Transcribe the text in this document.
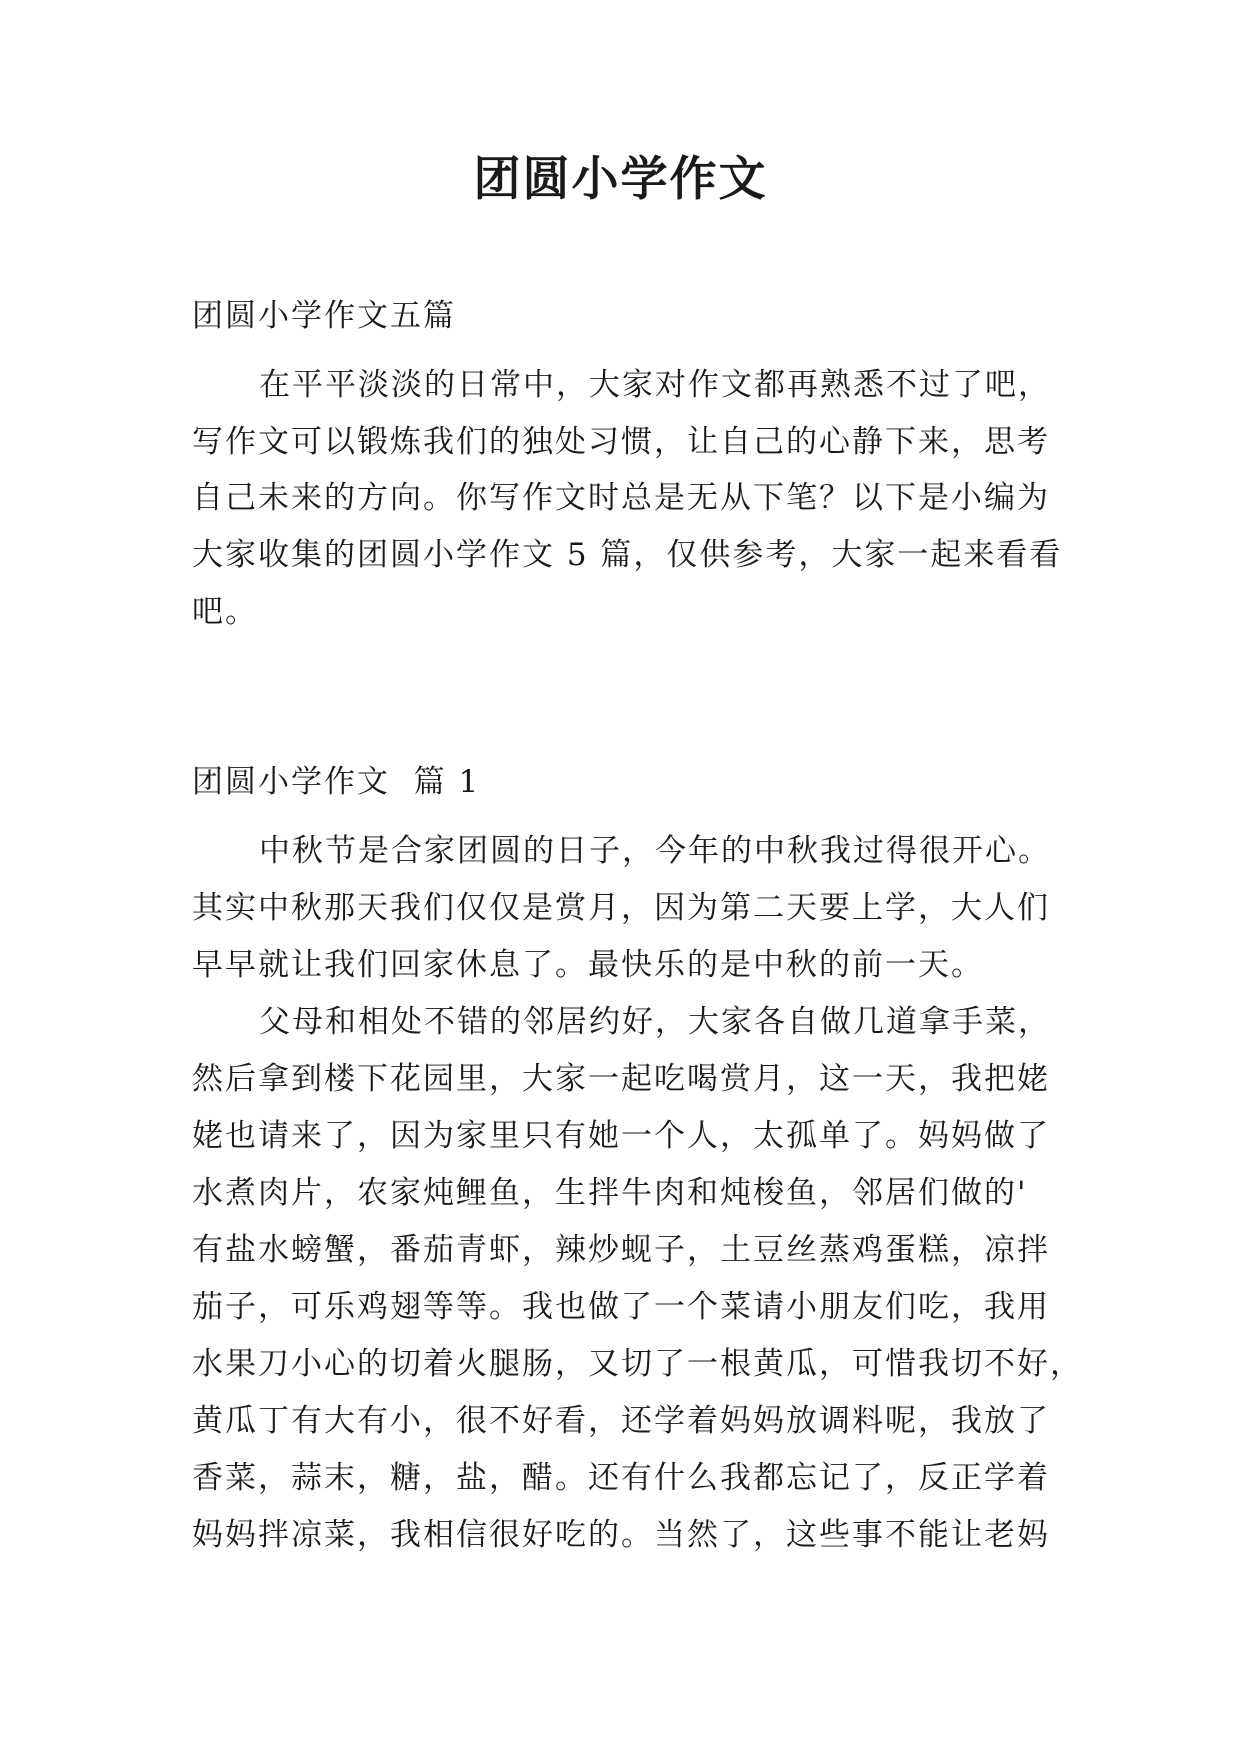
团圆小学作文
团圆小学作文五篇
在平平淡淡的日常中，大家对作文都再熟悉不过了吧，
写作文可以锻炼我们的独处习惯，让自己的心静下来，思考
自己未来的方向。你写作文时总是无从下笔？以下是小编为
大家收集的团圆小学作文 5 篇，仅供参考，大家一起来看看
吧。
团圆小学作文  篇 1
中秋节是合家团圆的日子，今年的中秋我过得很开心。
其实中秋那天我们仅仅是赏月，因为第二天要上学，大人们
早早就让我们回家休息了。最快乐的是中秋的前一天。
父母和相处不错的邻居约好，大家各自做几道拿手菜，
然后拿到楼下花园里，大家一起吃喝赏月，这一天，我把姥
姥也请来了，因为家里只有她一个人，太孤单了。妈妈做了
水煮肉片，农家炖鲤鱼，生拌牛肉和炖梭鱼，邻居们做的'
有盐水螃蟹，番茄青虾，辣炒蚬子，土豆丝蒸鸡蛋糕，凉拌
茄子，可乐鸡翅等等。我也做了一个菜请小朋友们吃，我用
水果刀小心的切着火腿肠，又切了一根黄瓜，可惜我切不好，
黄瓜丁有大有小，很不好看，还学着妈妈放调料呢，我放了
香菜，蒜末，糖，盐，醋。还有什么我都忘记了，反正学着
妈妈拌凉菜，我相信很好吃的。当然了，这些事不能让老妈
